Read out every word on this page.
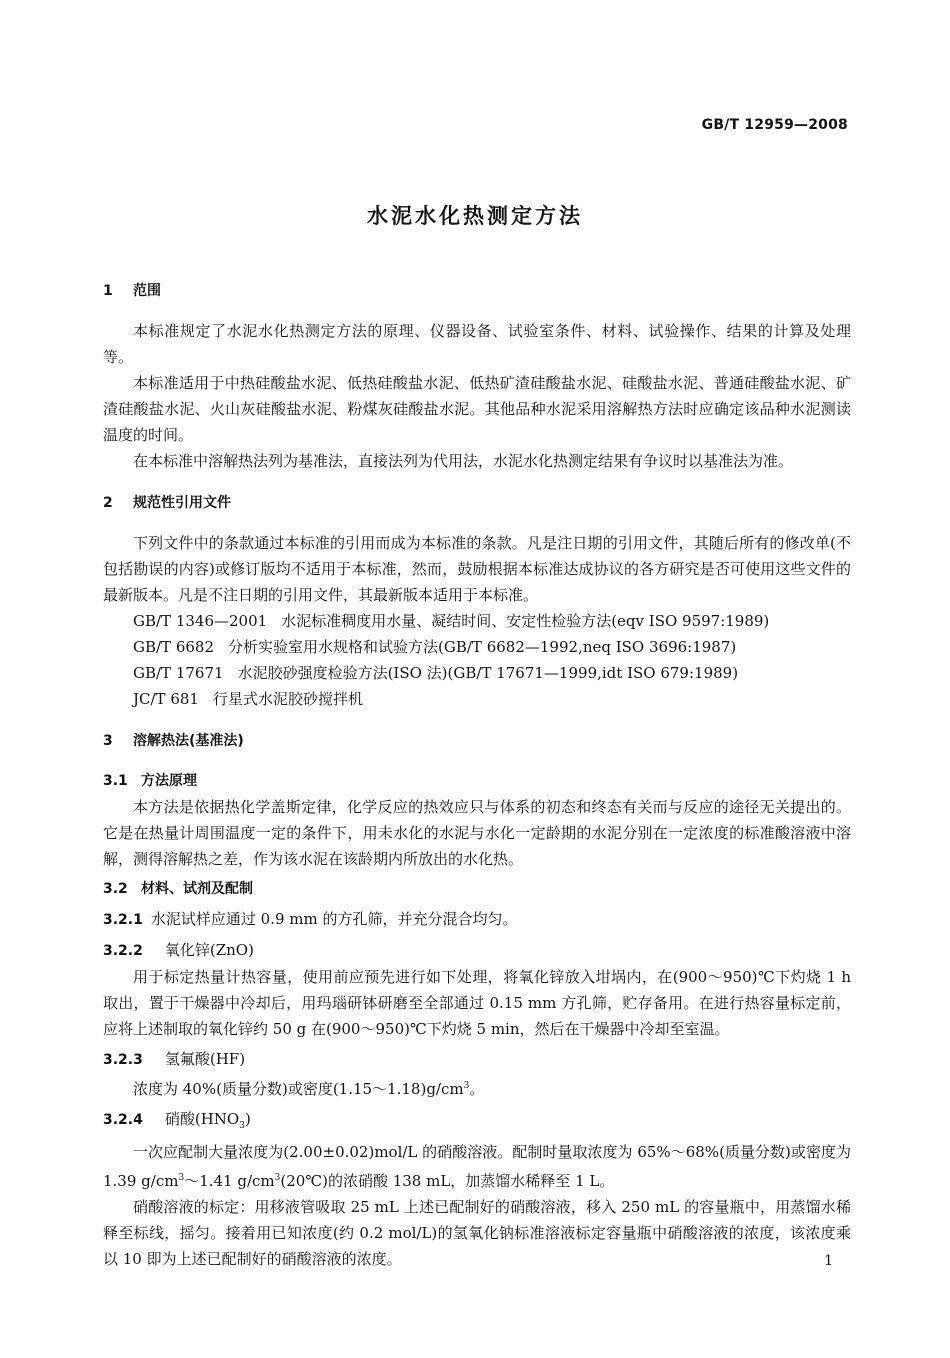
GB/T 12959—2008
水泥水化热测定方法
1 范围

本标准规定了水泥水化热测定方法的原理、仪器设备、试验室条件、材料、试验操作、结果的计算及处理等。

本标准适用于中热硅酸盐水泥、低热硅酸盐水泥、低热矿渣硅酸盐水泥、硅酸盐水泥、普通硅酸盐水泥、矿渣硅酸盐水泥、火山灰硅酸盐水泥、粉煤灰硅酸盐水泥。其他品种水泥采用溶解热方法时应确定该品种水泥测读温度的时间。

在本标准中溶解热法列为基准法，直接法列为代用法，水泥水化热测定结果有争议时以基准法为准。

2 规范性引用文件

下列文件中的条款通过本标准的引用而成为本标准的条款。凡是注日期的引用文件，其随后所有的修改单(不包括勘误的内容)或修订版均不适用于本标准，然而，鼓励根据本标准达成协议的各方研究是否可使用这些文件的最新版本。凡是不注日期的引用文件，其最新版本适用于本标准。

GB/T 1346—2001 水泥标准稠度用水量、凝结时间、安定性检验方法(eqv ISO 9597:1989)
GB/T 6682 分析实验室用水规格和试验方法(GB/T 6682—1992,neq ISO 3696:1987)
GB/T 17671 水泥胶砂强度检验方法(ISO 法)(GB/T 17671—1999,idt ISO 679:1989)
JC/T 681 行星式水泥胶砂搅拌机
3 溶解热法(基准法)
3.1 方法原理

本方法是依据热化学盖斯定律，化学反应的热效应只与体系的初态和终态有关而与反应的途径无关提出的。它是在热量计周围温度一定的条件下，用未水化的水泥与水化一定龄期的水泥分别在一定浓度的标准酸溶液中溶解，测得溶解热之差，作为该水泥在该龄期内所放出的水化热。

3.2 材料、试剂及配制
3.2.1 水泥试样应通过 0.9 mm 的方孔筛，并充分混合均匀。
3.2.2 氧化锌(ZnO)

用于标定热量计热容量，使用前应预先进行如下处理，将氧化锌放入坩埚内，在(900～950)℃下灼烧 1 h 取出，置于干燥器中冷却后，用玛瑙研钵研磨至全部通过 0.15 mm 方孔筛，贮存备用。在进行热容量标定前，应将上述制取的氧化锌约 50 g 在(900～950)℃下灼烧 5 min，然后在干燥器中冷却至室温。

3.2.3 氢氟酸(HF)

浓度为 40%(质量分数)或密度$(1.15\sim 1.18)g/cm^3$。

3.2.4 硝酸$(HNO_3)$

一次应配制大量浓度为(2.00±0.02)mol/L 的硝酸溶液。配制时量取浓度为 65%～68%(质量分数)或密度为 1.39 $g/cm^3\sim 1.41$ $g/cm^3(20℃)$的浓硝酸 138 mL，加蒸馏水稀释至 1 L。

硝酸溶液的标定：用移液管吸取 25 mL 上述已配制好的硝酸溶液，移入 250 mL 的容量瓶中，用蒸馏水稀释至标线，摇匀。接着用已知浓度(约 0.2 mol/L)的氢氧化钠标准溶液标定容量瓶中硝酸溶液的浓度，该浓度乘以 10 即为上述已配制好的硝酸溶液的浓度。	1
